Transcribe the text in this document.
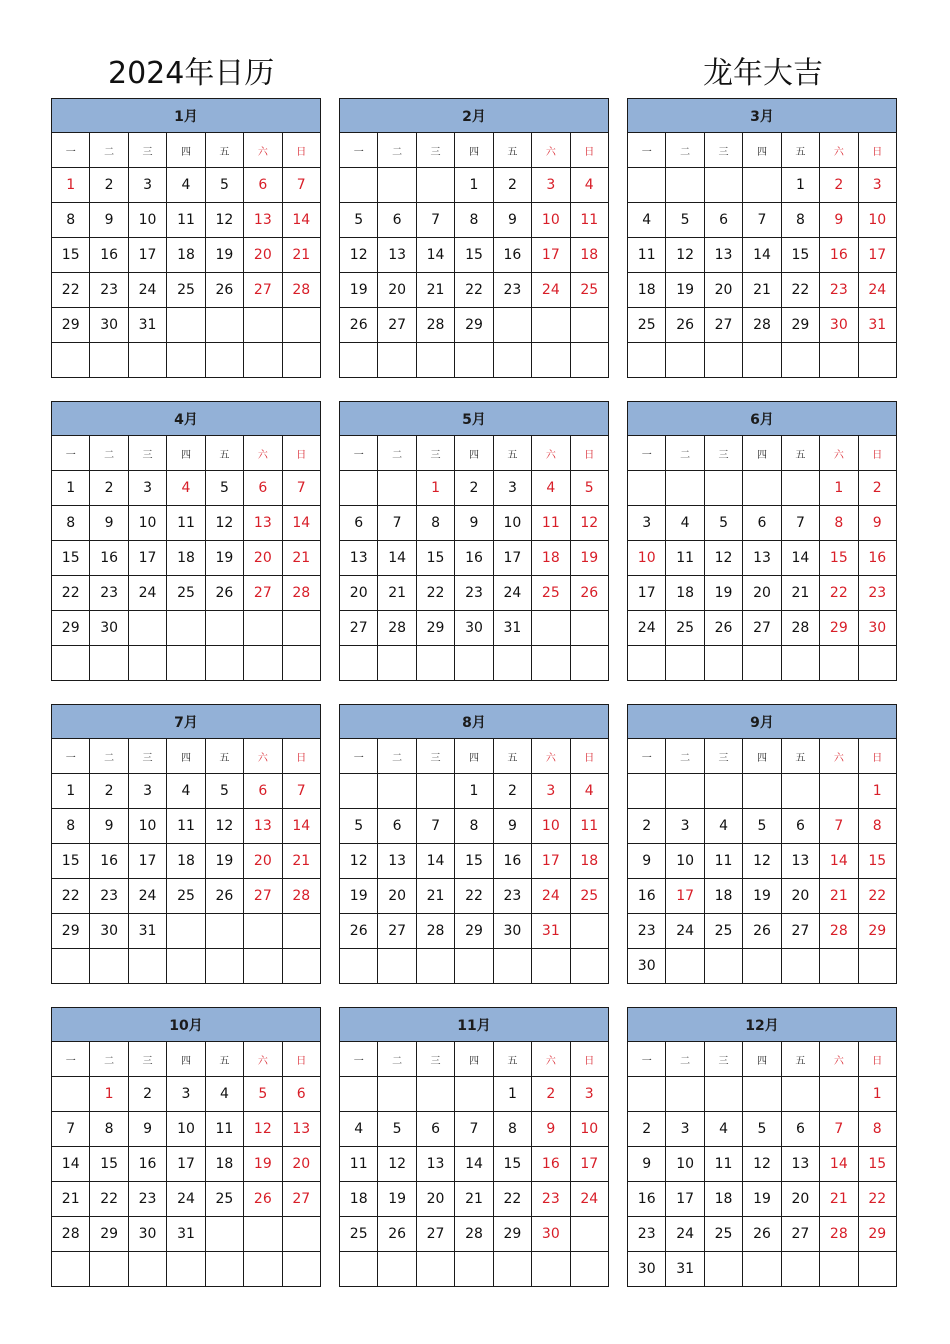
2024年日历	龙年大吉
1月						
一	二	三	四	五	六	日
1	2	3	4	5	6	7
8	9	10	11	12	13	14
15	16	17	18	19	20	21
22	23	24	25	26	27	28
29	30	31				

2月						
一	二	三	四	五	六	日
			1	2	3	4
5	6	7	8	9	10	11
12	13	14	15	16	17	18
19	20	21	22	23	24	25
26	27	28	29			

3月						
一	二	三	四	五	六	日
				1	2	3
4	5	6	7	8	9	10
11	12	13	14	15	16	17
18	19	20	21	22	23	24
25	26	27	28	29	30	31

4月						
一	二	三	四	五	六	日
1	2	3	4	5	6	7
8	9	10	11	12	13	14
15	16	17	18	19	20	21
22	23	24	25	26	27	28
29	30					

5月						
一	二	三	四	五	六	日
		1	2	3	4	5
6	7	8	9	10	11	12
13	14	15	16	17	18	19
20	21	22	23	24	25	26
27	28	29	30	31		

6月						
一	二	三	四	五	六	日
					1	2
3	4	5	6	7	8	9
10	11	12	13	14	15	16
17	18	19	20	21	22	23
24	25	26	27	28	29	30

7月						
一	二	三	四	五	六	日
1	2	3	4	5	6	7
8	9	10	11	12	13	14
15	16	17	18	19	20	21
22	23	24	25	26	27	28
29	30	31				

8月						
一	二	三	四	五	六	日
			1	2	3	4
5	6	7	8	9	10	11
12	13	14	15	16	17	18
19	20	21	22	23	24	25
26	27	28	29	30	31	

9月						
一	二	三	四	五	六	日
						1
2	3	4	5	6	7	8
9	10	11	12	13	14	15
16	17	18	19	20	21	22
23	24	25	26	27	28	29
30						
10月						
一	二	三	四	五	六	日
	1	2	3	4	5	6
7	8	9	10	11	12	13
14	15	16	17	18	19	20
21	22	23	24	25	26	27
28	29	30	31			

11月						
一	二	三	四	五	六	日
				1	2	3
4	5	6	7	8	9	10
11	12	13	14	15	16	17
18	19	20	21	22	23	24
25	26	27	28	29	30	

12月						
一	二	三	四	五	六	日
						1
2	3	4	5	6	7	8
9	10	11	12	13	14	15
16	17	18	19	20	21	22
23	24	25	26	27	28	29
30	31					
